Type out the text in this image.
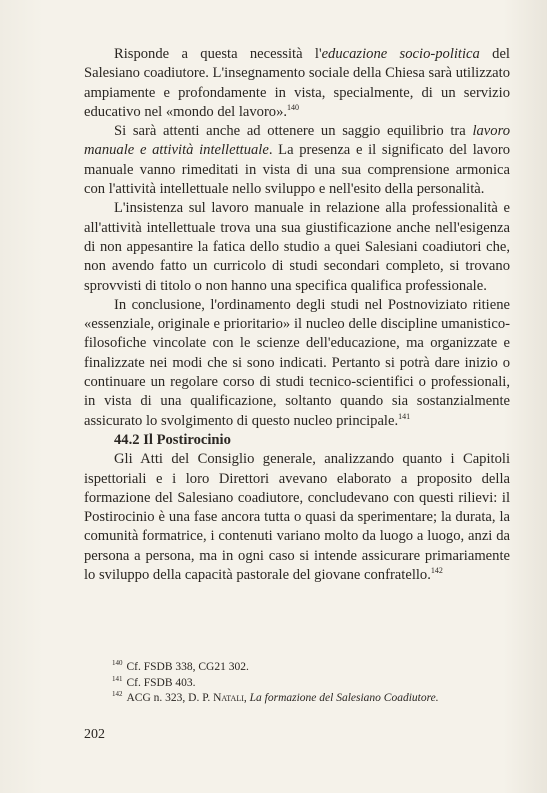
Risponde a questa necessità l'educazione socio-politica del Salesiano coadiutore. L'insegnamento sociale della Chiesa sarà utilizzato ampiamente e profondamente in vista, specialmente, di un servizio educativo nel «mondo del lavoro».$^{140}$

Si sarà attenti anche ad ottenere un saggio equilibrio tra lavoro manuale e attività intellettuale. La presenza e il significato del lavoro manuale vanno rimeditati in vista di una sua comprensione armonica con l'attività intellettuale nello sviluppo e nell'esito della personalità.

L'insistenza sul lavoro manuale in relazione alla professionalità e all'attività intellettuale trova una sua giustificazione anche nell'esigenza di non appesantire la fatica dello studio a quei Salesiani coadiutori che, non avendo fatto un curricolo di studi secondari completo, si trovano sprovvisti di titolo o non hanno una specifica qualifica professionale.

In conclusione, l'ordinamento degli studi nel Postnoviziato ritiene «essenziale, originale e prioritario» il nucleo delle discipline umanistico-filosofiche vincolate con le scienze dell'educazione, ma organizzate e finalizzate nei modi che si sono indicati. Pertanto si potrà dare inizio o continuare un regolare corso di studi tecnico-scientifici o professionali, in vista di una qualificazione, soltanto quando sia sostanzialmente assicurato lo svolgimento di questo nucleo principale.$^{141}$

44.2 Il Postirocinio

Gli Atti del Consiglio generale, analizzando quanto i Capitoli ispettoriali e i loro Direttori avevano elaborato a proposito della formazione del Salesiano coadiutore, concludevano con questi rilievi: il Postirocinio è una fase ancora tutta o quasi da sperimentare; la durata, la comunità formatrice, i contenuti variano molto da luogo a luogo, anzi da persona a persona, ma in ogni caso si intende assicurare primariamente lo sviluppo della capacità pastorale del giovane confratello.$^{142}$

$^{140}$ Cf. FSDB 338, CG21 302.
$^{141}$ Cf. FSDB 403.
$^{142}$ ACG n. 323, D. P. Natali, La formazione del Salesiano Coadiutore.
202
